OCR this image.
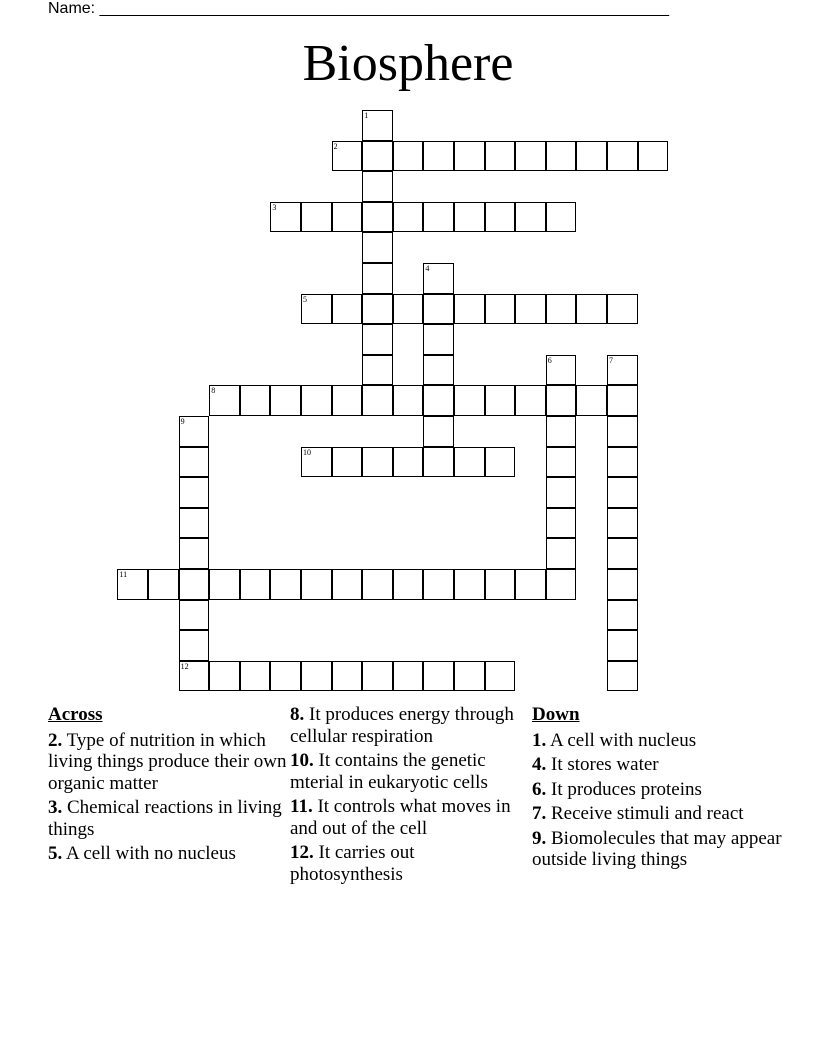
Name: ________________________________________________________________
Biosphere
1
2
3
4
5
6	7
8
9
12
10
11
Across
2. Type of nutrition in which living things produce their own organic matter
3. Chemical reactions in living things
5. A cell with no nucleus
8. It produces energy through cellular respiration
10. It contains the genetic mterial in eukaryotic cells
11. It controls what moves in and out of the cell
12. It carries out photosynthesis
Down
1. A cell with nucleus
4. It stores water
6. It produces proteins
7. Receive stimuli and react
9. Biomolecules that may appear outside living things
